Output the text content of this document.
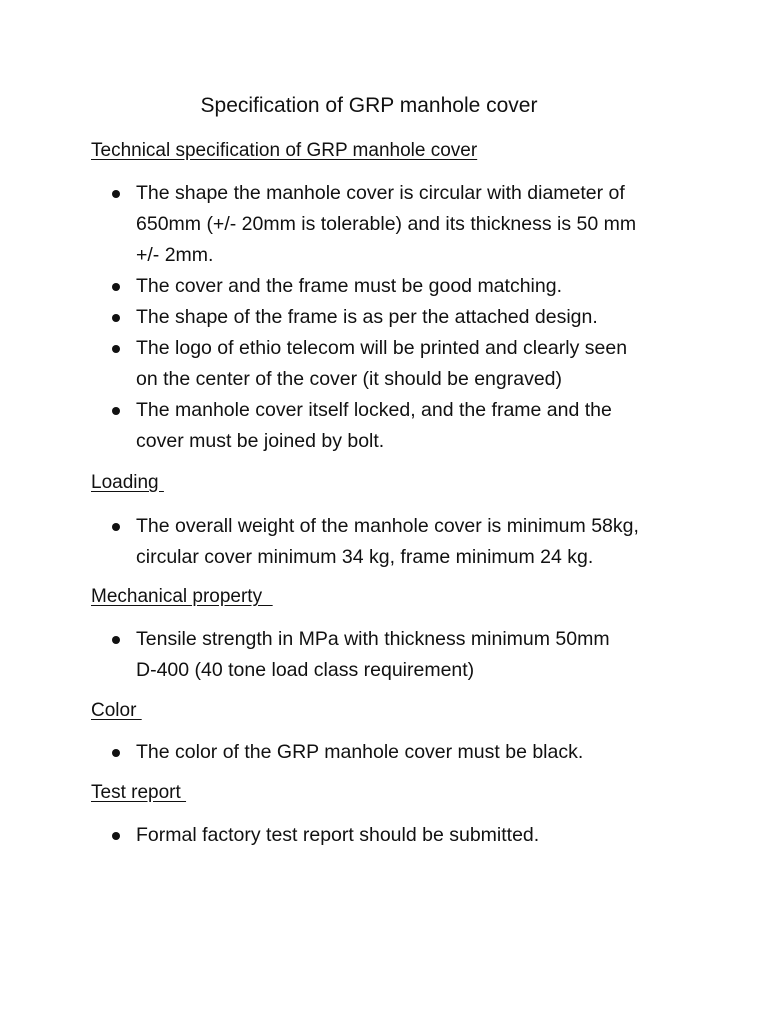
Specification of GRP manhole cover
Technical specification of GRP manhole cover
The shape the manhole cover is circular with diameter of
650mm (+/- 20mm is tolerable) and its thickness is 50 mm
+/- 2mm.
The cover and the frame must be good matching.
The shape of the frame is as per the attached design.
The logo of ethio telecom will be printed and clearly seen
on the center of the cover (it should be engraved)
The manhole cover itself locked, and the frame and the
cover must be joined by bolt.
Loading
The overall weight of the manhole cover is minimum 58kg,
circular cover minimum 34 kg, frame minimum 24 kg.
Mechanical property
Tensile strength in MPa with thickness minimum 50mm
D-400 (40 tone load class requirement)
Color
The color of the GRP manhole cover must be black.
Test report
Formal factory test report should be submitted.
